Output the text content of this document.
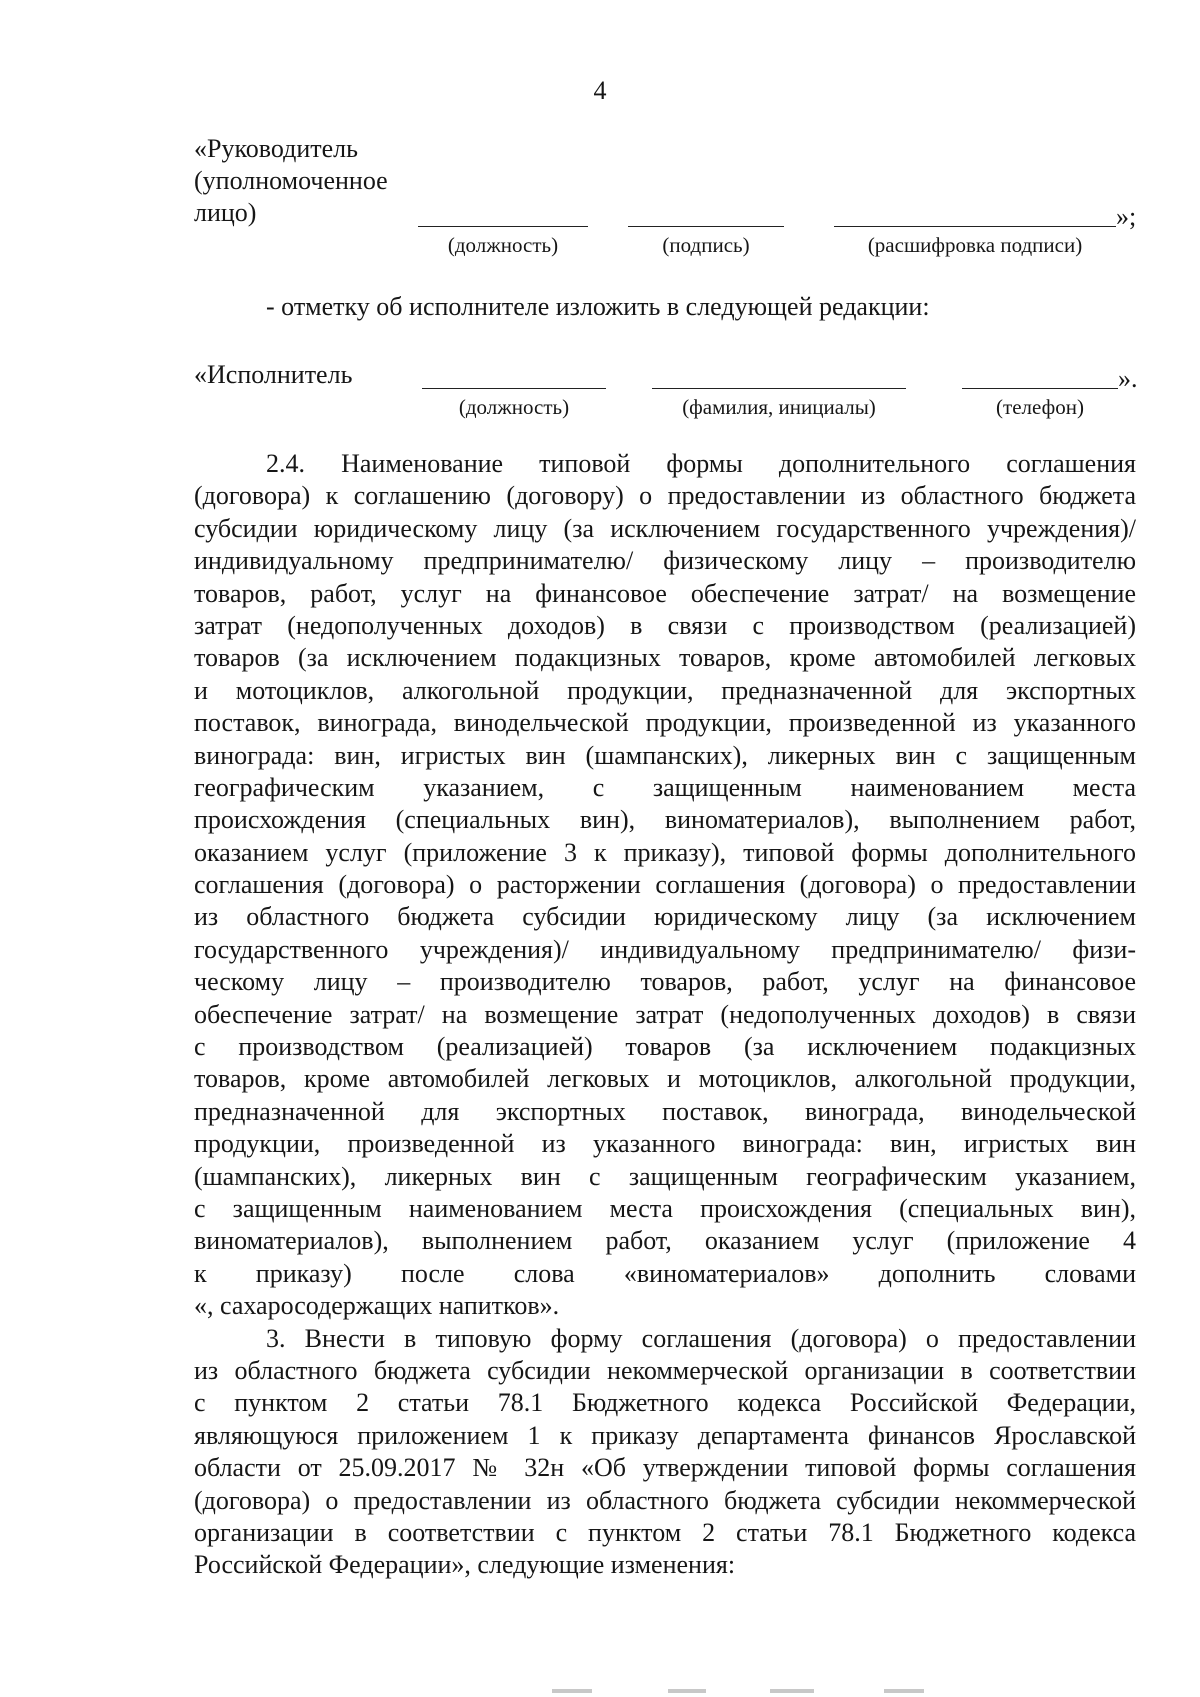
4
«Руководитель
(уполномоченное
лицо)	»;
(должность)	(подпись)	(расшифровка подписи)
- отметку об исполнителе изложить в следующей редакции:
«Исполнитель	».
(должность)	(фамилия, инициалы)	(телефон)
2.4. Наименование типовой формы дополнительного соглашения
(договора) к соглашению (договору) о предоставлении из областного бюджета
субсидии юридическому лицу (за исключением государственного учреждения)/
индивидуальному предпринимателю/ физическому лицу – производителю
товаров, работ, услуг на финансовое обеспечение затрат/ на возмещение
затрат (недополученных доходов) в связи с производством (реализацией)
товаров (за исключением подакцизных товаров, кроме автомобилей легковых
и мотоциклов, алкогольной продукции, предназначенной для экспортных
поставок, винограда, винодельческой продукции, произведенной из указанного
винограда: вин, игристых вин (шампанских), ликерных вин с защищенным
географическим указанием, с защищенным наименованием места
происхождения (специальных вин), виноматериалов), выполнением работ,
оказанием услуг (приложение 3 к приказу), типовой формы дополнительного
соглашения (договора) о расторжении соглашения (договора) о предоставлении
из областного бюджета субсидии юридическому лицу (за исключением
государственного учреждения)/ индивидуальному предпринимателю/ физи-
ческому лицу – производителю товаров, работ, услуг на финансовое
обеспечение затрат/ на возмещение затрат (недополученных доходов) в связи
с производством (реализацией) товаров (за исключением подакцизных
товаров, кроме автомобилей легковых и мотоциклов, алкогольной продукции,
предназначенной для экспортных поставок, винограда, винодельческой
продукции, произведенной из указанного винограда: вин, игристых вин
(шампанских), ликерных вин с защищенным географическим указанием,
с защищенным наименованием места происхождения (специальных вин),
виноматериалов), выполнением работ, оказанием услуг (приложение 4
к приказу) после слова «виноматериалов» дополнить словами
«, сахаросодержащих напитков».
3. Внести в типовую форму соглашения (договора) о предоставлении
из областного бюджета субсидии некоммерческой организации в соответствии
с пунктом 2 статьи 78.1 Бюджетного кодекса Российской Федерации,
являющуюся приложением 1 к приказу департамента финансов Ярославской
области от 25.09.2017 № 32н «Об утверждении типовой формы соглашения
(договора) о предоставлении из областного бюджета субсидии некоммерческой
организации в соответствии с пунктом 2 статьи 78.1 Бюджетного кодекса
Российской Федерации», следующие изменения:
